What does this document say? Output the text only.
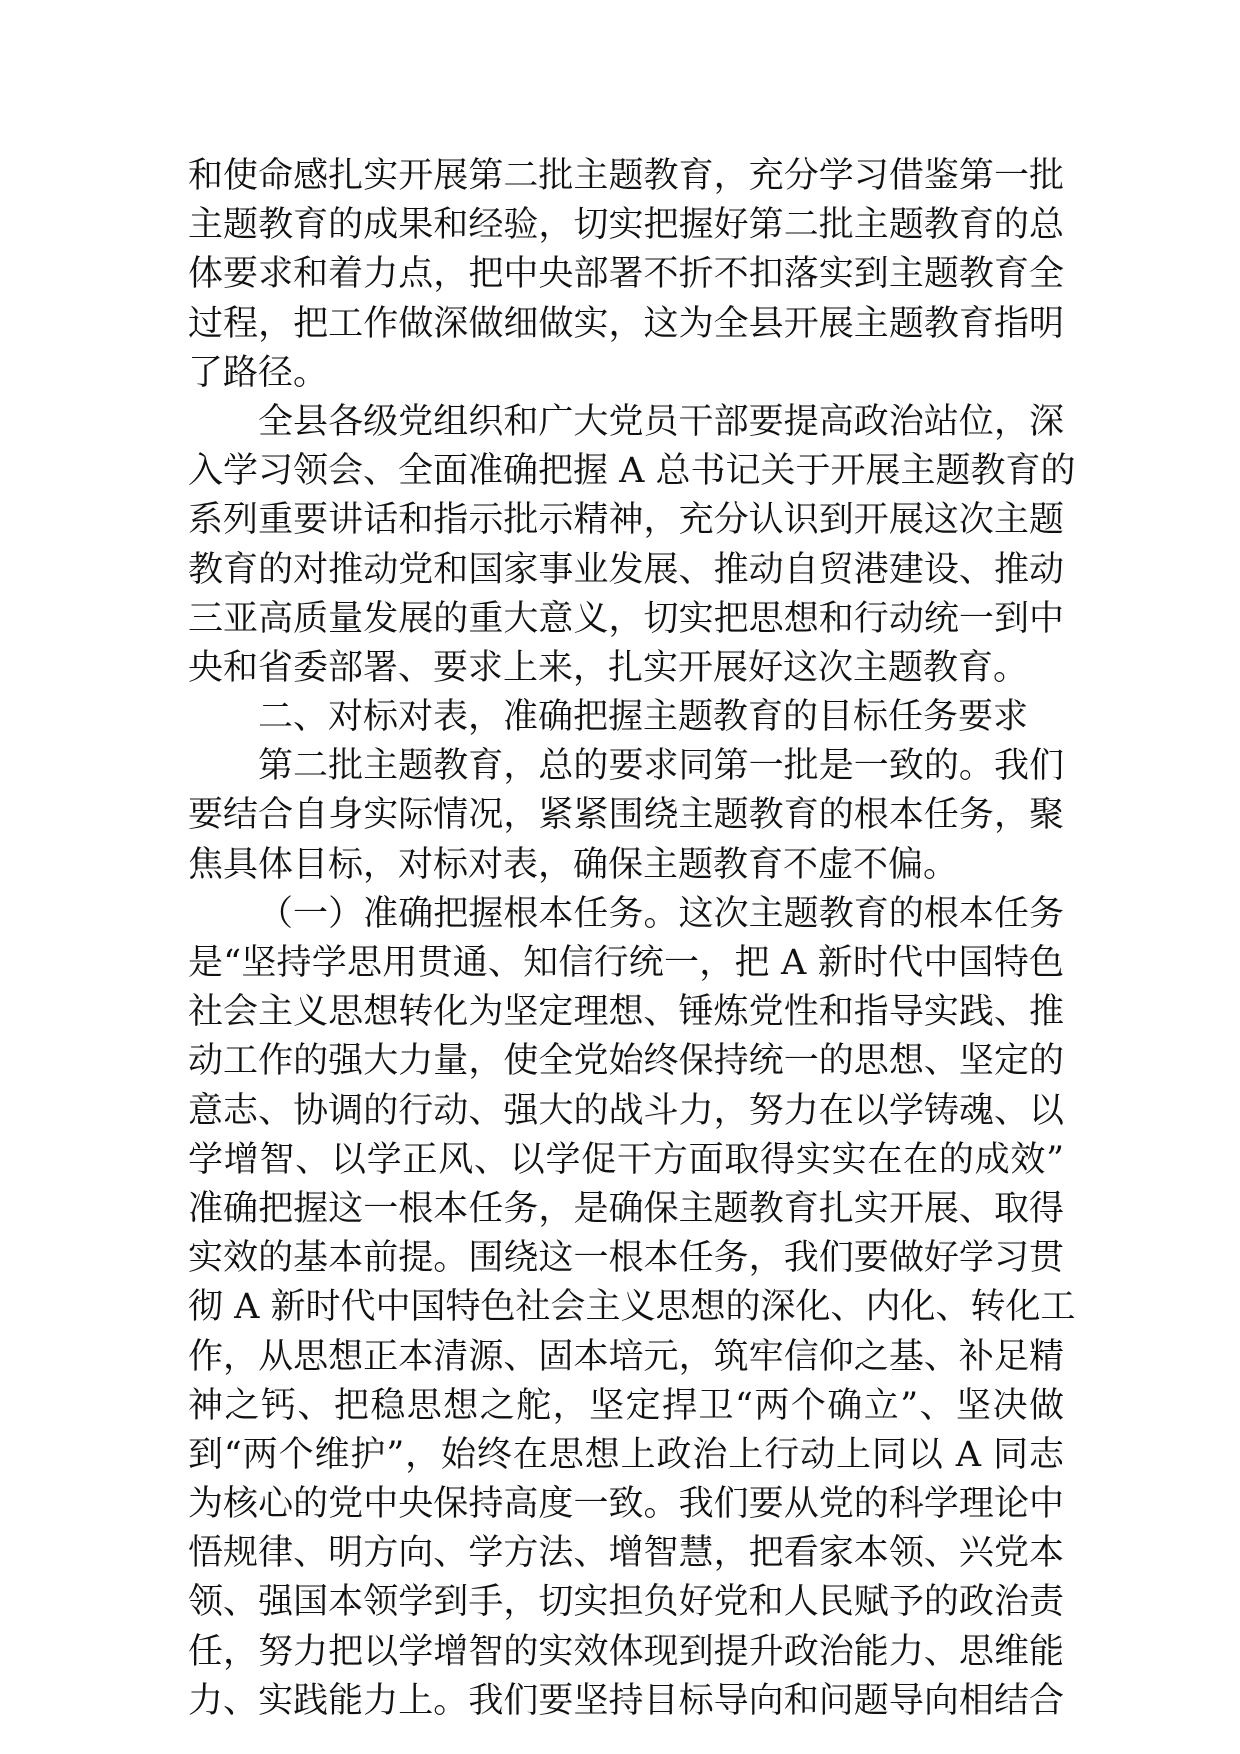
和使命感扎实开展第二批主题教育，充分学习借鉴第一批
主题教育的成果和经验，切实把握好第二批主题教育的总
体要求和着力点，把中央部署不折不扣落实到主题教育全
过程，把工作做深做细做实，这为全县开展主题教育指明
了路径。

全县各级党组织和广大党员干部要提高政治站位，深
入学习领会、全面准确把握 A 总书记关于开展主题教育的
系列重要讲话和指示批示精神，充分认识到开展这次主题
教育的对推动党和国家事业发展、推动自贸港建设、推动
三亚高质量发展的重大意义，切实把思想和行动统一到中
央和省委部署、要求上来，扎实开展好这次主题教育。

二、对标对表，准确把握主题教育的目标任务要求

第二批主题教育，总的要求同第一批是一致的。我们
要结合自身实际情况，紧紧围绕主题教育的根本任务，聚
焦具体目标，对标对表，确保主题教育不虚不偏。

（一）准确把握根本任务。这次主题教育的根本任务
是“坚持学思用贯通、知信行统一，把 A 新时代中国特色
社会主义思想转化为坚定理想、锤炼党性和指导实践、推
动工作的强大力量，使全党始终保持统一的思想、坚定的
意志、协调的行动、强大的战斗力，努力在以学铸魂、以
学增智、以学正风、以学促干方面取得实实在在的成效”
准确把握这一根本任务，是确保主题教育扎实开展、取得
实效的基本前提。围绕这一根本任务，我们要做好学习贯
彻 A 新时代中国特色社会主义思想的深化、内化、转化工
作，从思想正本清源、固本培元，筑牢信仰之基、补足精
神之钙、把稳思想之舵，坚定捍卫“两个确立”、坚决做
到“两个维护”，始终在思想上政治上行动上同以 A 同志
为核心的党中央保持高度一致。我们要从党的科学理论中
悟规律、明方向、学方法、增智慧，把看家本领、兴党本
领、强国本领学到手，切实担负好党和人民赋予的政治责
任，努力把以学增智的实效体现到提升政治能力、思维能
力、实践能力上。我们要坚持目标导向和问题导向相结合
